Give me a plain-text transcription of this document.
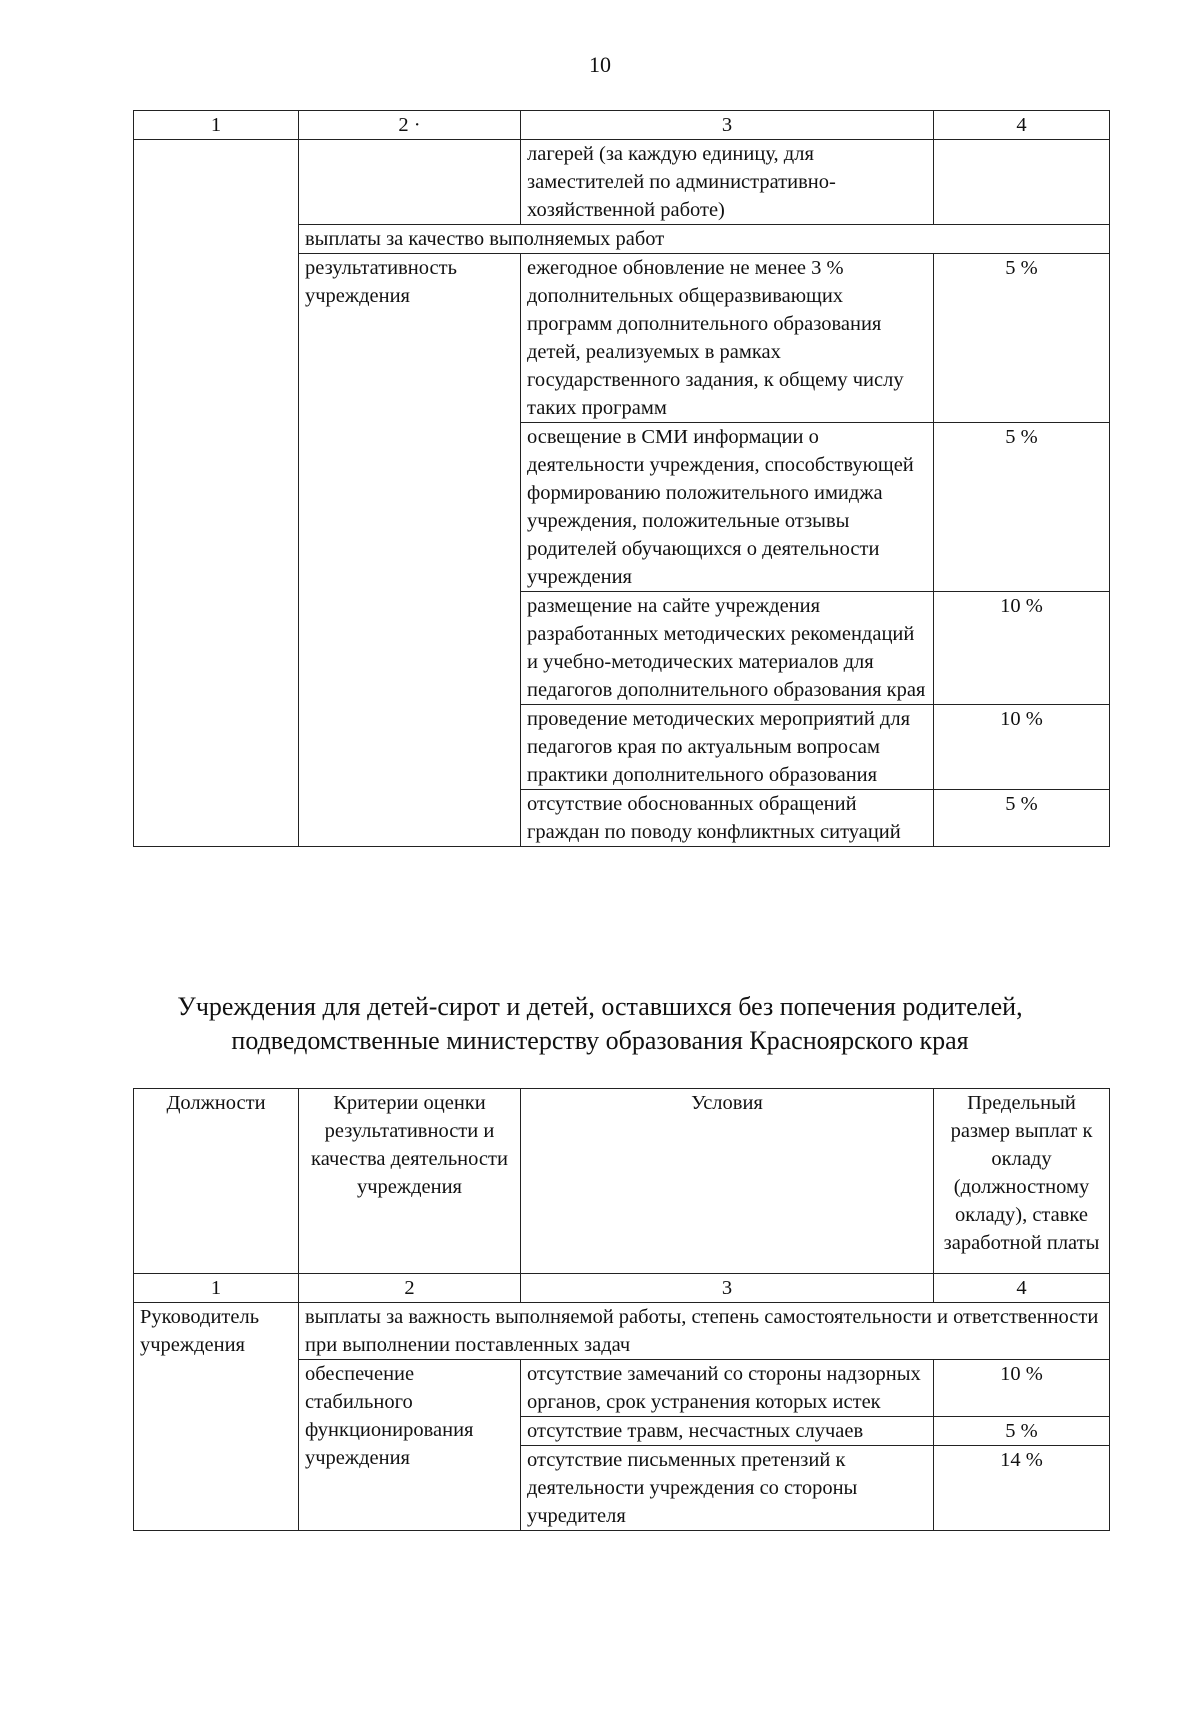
10
1	2 ·	3	4
		лагерей (за каждую единицу, для заместителей по административно-хозяйственной работе)	
	выплаты за качество выполняемых работ		
	результативность учреждения	ежегодное обновление не менее 3 % дополнительных общеразвивающих программ дополнительного образования детей, реализуемых в рамках государственного задания, к общему числу таких программ	5 %
		освещение в СМИ информации о деятельности учреждения, способствующей формированию положительного имиджа учреждения, положительные отзывы родителей обучающихся о деятельности учреждения	5 %
		размещение на сайте учреждения разработанных методических рекомендаций и учебно-методических материалов для педагогов дополнительного образования края	10 %
		проведение методических мероприятий для педагогов края по актуальным вопросам практики дополнительного образования	10 %
		отсутствие обоснованных обращений граждан по поводу конфликтных ситуаций	5 %
Учреждения для детей-сирот и детей, оставшихся без попечения родителей,
подведомственные министерству образования Красноярского края
Должности	Критерии оценки результативности и качества деятельности учреждения	Условия	Предельный размер выплат к окладу (должностному окладу), ставке заработной платы
1	2	3	4
Руководитель учреждения	выплаты за важность выполняемой работы, степень самостоятельности и ответственности при выполнении поставленных задач		
	обеспечение стабильного функционирования учреждения	отсутствие замечаний со стороны надзорных органов, срок устранения которых истек	10 %
		отсутствие травм, несчастных случаев	5 %
		отсутствие письменных претензий к деятельности учреждения со стороны учредителя	14 %
